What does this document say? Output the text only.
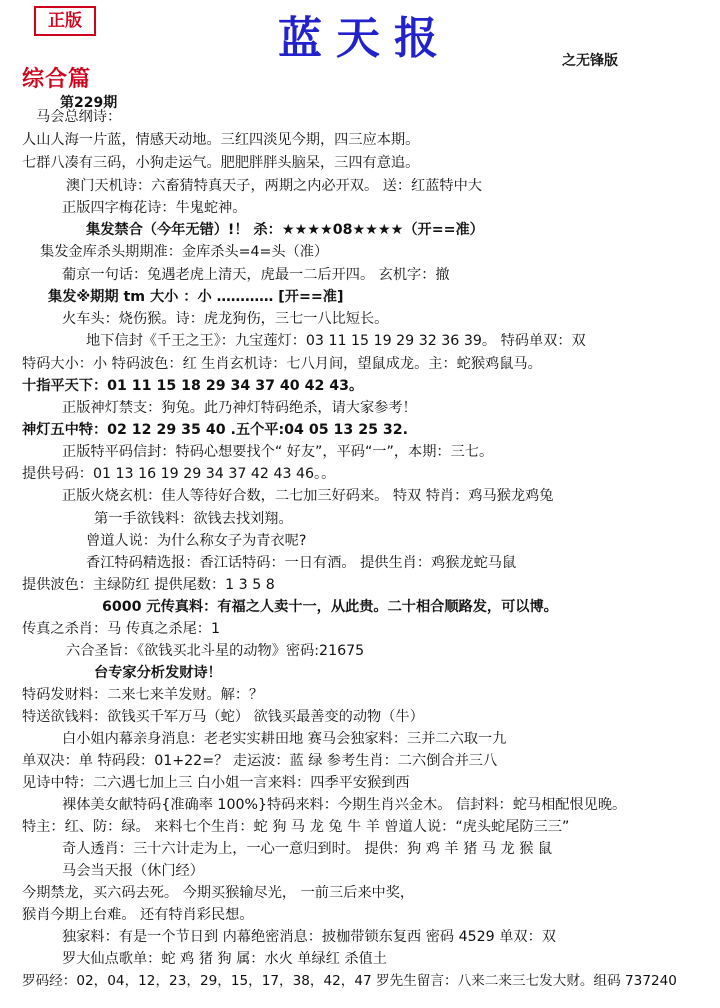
正版	蓝天报	之无锋版
综合篇
第229期
马会总纲诗：
人山人海一片蓝，情感天动地。三红四淡见今期，四三应本期。
七群八凑有三码，小狗走运气。肥肥胖胖头脑呆，三四有意追。
澳门天机诗：六畜猜特真天子，两期之内必开双。 送：红蓝特中大
正版四字梅花诗：牛鬼蛇神。
集发禁合（今年无错）!！ 杀：★★★★08★★★★（开==准）
集发金库杀头期期准：金库杀头=4=头（准）
葡京一句话：兔遇老虎上清天，虎最一二后开四。 玄机字：撤
集发※期期 tm 大小 ：小 ………… [开==准]
火车头：烧伤猴。诗：虎龙狗伤，三七一八比短长。
地下信封《千王之王》：九宝莲灯：03 11 15 19 29 32 36 39。 特码单双：双
特码大小：小 特码波色：红 生肖玄机诗：七八月间，望鼠成龙。主：蛇猴鸡鼠马。
十指平天下：01 11 15 18 29 34 37 40 42 43。
正版神灯禁支：狗兔。此乃神灯特码绝杀，请大家参考！
神灯五中特：02 12 29 35 40 .五个平:04 05 13 25 32.
正版特平码信封：特码心想要找个“ 好友”，平码“一”，本期：三七。
提供号码：01 13 16 19 29 34 37 42 43 46。。
正版火烧玄机：佳人等待好合数，二七加三好码来。 特双 特肖：鸡马猴龙鸡兔
第一手欲钱料：欲钱去找刘翔。
曾道人说：为什么称女子为青衣呢?
香江特码精选报：香江话特码：一日有酒。 提供生肖：鸡猴龙蛇马鼠
提供波色：主绿防红 提供尾数：1 3 5 8
6000 元传真料：有福之人卖十一，从此贵。二十相合顺路发，可以博。
传真之杀肖：马 传真之杀尾：1
六合圣旨：《欲钱买北斗星的动物》密码:21675
台专家分析发财诗！
特码发财料：二来七来羊发财。解：？
特送欲钱料：欲钱买千军万马（蛇） 欲钱买最善变的动物（牛）
白小姐内幕亲身消息：老老实实耕田地 赛马会独家料：三并二六取一九
单双决：单 特码段：01+22=？ 走运波：蓝 绿 参考生肖：二六倒合并三八
见诗中特：二六遇七加上三 白小姐一言来料：四季平安猴到西
裸体美女献特码{准确率 100%}特码来料：今期生肖兴金木。 信封料：蛇马相配恨见晚。
特主：红、防：绿。 来料七个生肖：蛇 狗 马 龙 兔 牛 羊 曾道人说：“虎头蛇尾防三三”
奇人透肖：三十六计走为上，一心一意归到时。 提供：狗 鸡 羊 猪 马 龙 猴 鼠
马会当天报（休门经）
今期禁龙，买六码去死。 今期买猴输尽光， 一前三后来中奖，
猴肖今期上台难。 还有特肖彩民想。
独家料：有是一个节日到 内幕绝密消息：披枷带锁东复西 密码 4529 单双：双
罗大仙点歌单：蛇 鸡 猪 狗 属：水火 单绿红 杀值土
罗码经：02，04，12，23，29，15，17，38，42，47 罗先生留言：八来二来三七发大财。组码 737240
